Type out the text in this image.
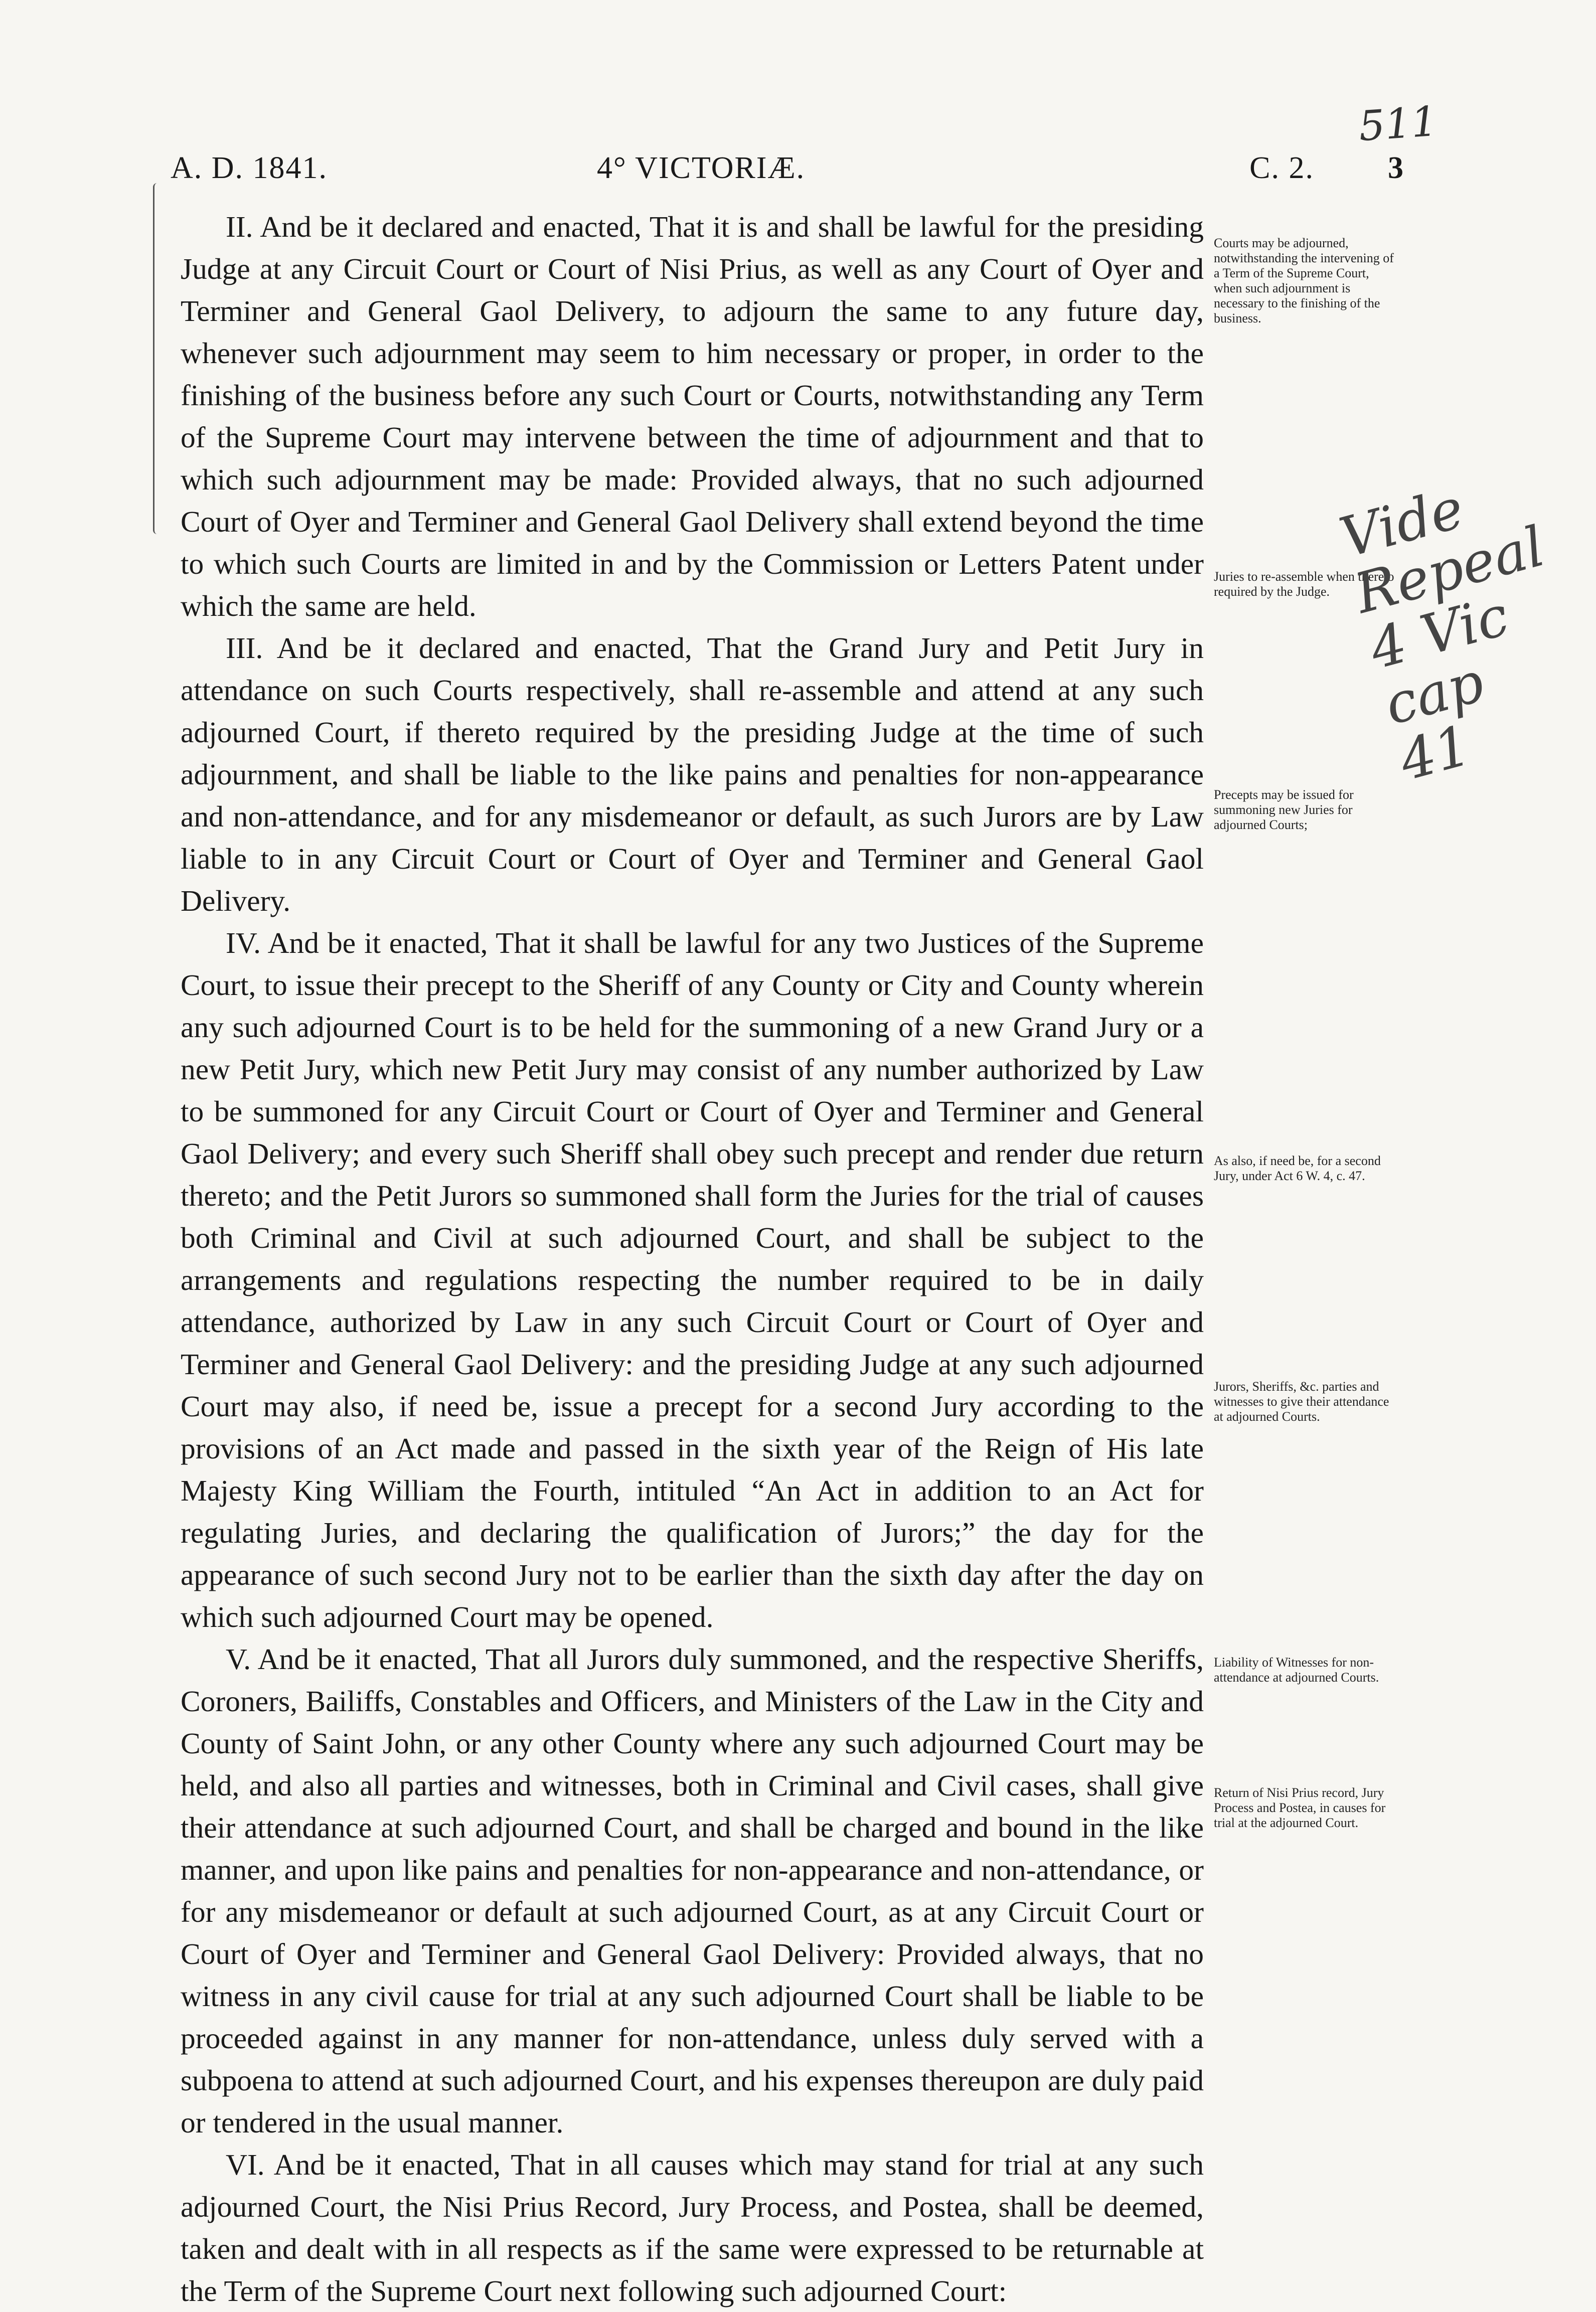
511
A. D. 1841.	4° VICTORIÆ.	C. 2. 3

II. And be it declared and enacted, That it is and shall be lawful for the presiding Judge at any Circuit Court or Court of Nisi Prius, as well as any Court of Oyer and Terminer and General Gaol Delivery, to adjourn the same to any future day, whenever such adjournment may seem to him necessary or proper, in order to the finishing of the business before any such Court or Courts, notwithstanding any Term of the Supreme Court may intervene between the time of adjournment and that to which such adjournment may be made: Provided always, that no such adjourned Court of Oyer and Terminer and General Gaol Delivery shall extend beyond the time to which such Courts are limited in and by the Commission or Letters Patent under which the same are held.

III. And be it declared and enacted, That the Grand Jury and Petit Jury in attendance on such Courts respectively, shall re-assemble and attend at any such adjourned Court, if thereto required by the presiding Judge at the time of such adjournment, and shall be liable to the like pains and penalties for non-appearance and non-attendance, and for any misdemeanor or default, as such Jurors are by Law liable to in any Circuit Court or Court of Oyer and Terminer and General Gaol Delivery.

IV. And be it enacted, That it shall be lawful for any two Justices of the Supreme Court, to issue their precept to the Sheriff of any County or City and County wherein any such adjourned Court is to be held for the summoning of a new Grand Jury or a new Petit Jury, which new Petit Jury may consist of any number authorized by Law to be summoned for any Circuit Court or Court of Oyer and Terminer and General Gaol Delivery; and every such Sheriff shall obey such precept and render due return thereto; and the Petit Jurors so summoned shall form the Juries for the trial of causes both Criminal and Civil at such adjourned Court, and shall be subject to the arrangements and regulations respecting the number required to be in daily attendance, authorized by Law in any such Circuit Court or Court of Oyer and Terminer and General Gaol Delivery: and the presiding Judge at any such adjourned Court may also, if need be, issue a precept for a second Jury according to the provisions of an Act made and passed in the sixth year of the Reign of His late Majesty King William the Fourth, intituled “An Act in addition to an Act for regulating Juries, and declaring the qualification of Jurors;” the day for the appearance of such second Jury not to be earlier than the sixth day after the day on which such adjourned Court may be opened.

V. And be it enacted, That all Jurors duly summoned, and the respective Sheriffs, Coroners, Bailiffs, Constables and Officers, and Ministers of the Law in the City and County of Saint John, or any other County where any such adjourned Court may be held, and also all parties and witnesses, both in Criminal and Civil cases, shall give their attendance at such adjourned Court, and shall be charged and bound in the like manner, and upon like pains and penalties for non-appearance and non-attendance, or for any misdemeanor or default at such adjourned Court, as at any Circuit Court or Court of Oyer and Terminer and General Gaol Delivery: Provided always, that no witness in any civil cause for trial at any such adjourned Court shall be liable to be proceeded against in any manner for non-attendance, unless duly served with a subpoena to attend at such adjourned Court, and his expenses thereupon are duly paid or tendered in the usual manner.

VI. And be it enacted, That in all causes which may stand for trial at any such adjourned Court, the Nisi Prius Record, Jury Process, and Postea, shall be deemed, taken and dealt with in all respects as if the same were expressed to be returnable at the Term of the Supreme Court next following such adjourned Court:

Courts may be adjourned, notwithstanding the intervening of a Term of the Supreme Court, when such adjournment is necessary to the finishing of the business.
Juries to re-assemble when thereto required by the Judge.
Precepts may be issued for summoning new Juries for adjourned Courts;
As also, if need be, for a second Jury, under Act 6 W. 4, c. 47.
Jurors, Sheriffs, &c. parties and witnesses to give their attendance at adjourned Courts.
Liability of Witnesses for non-attendance at adjourned Courts.
Return of Nisi Prius record, Jury Process and Postea, in causes for trial at the adjourned Court.
Vide Repeal 4 Vic cap 41
